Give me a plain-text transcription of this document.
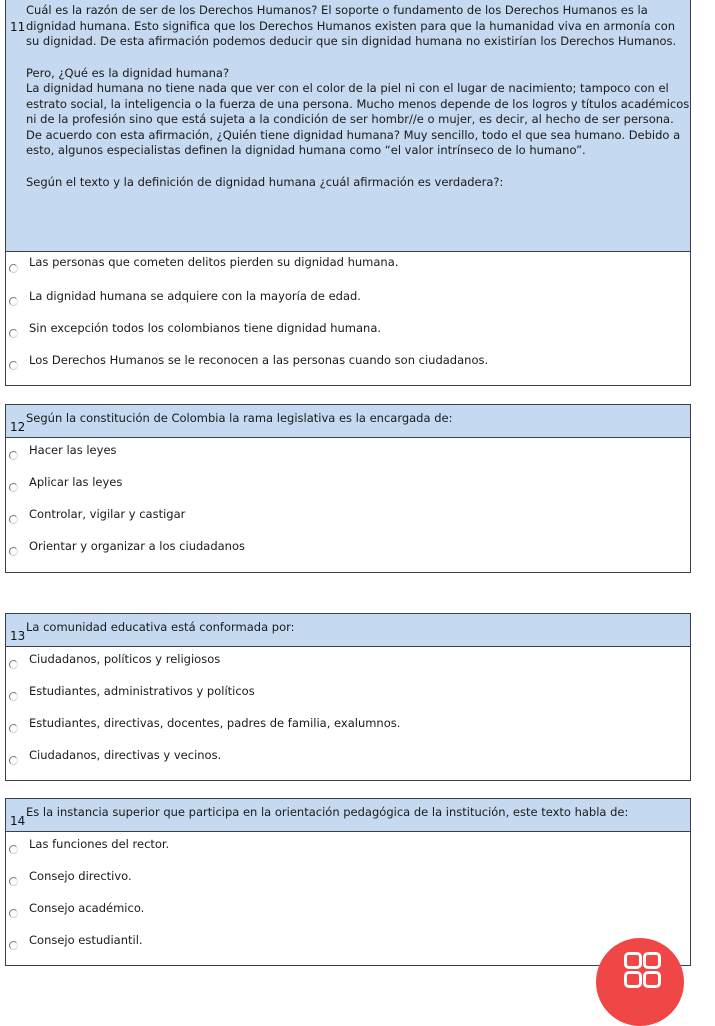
11

Cuál es la razón de ser de los Derechos Humanos? El soporte o fundamento de los Derechos Humanos es la dignidad humana. Esto significa que los Derechos Humanos existen para que la humanidad viva en armonía con su dignidad. De esta afirmación podemos deducir que sin dignidad humana no existirían los Derechos Humanos.

Pero, ¿Qué es la dignidad humana?

La dignidad humana no tiene nada que ver con el color de la piel ni con el lugar de nacimiento; tampoco con el estrato social, la inteligencia o la fuerza de una persona. Mucho menos depende de los logros y títulos académicos ni de la profesión sino que está sujeta a la condición de ser hombr//e o mujer, es decir, al hecho de ser persona. De acuerdo con esta afirmación, ¿Quién tiene dignidad humana? Muy sencillo, todo el que sea humano. Debido a esto, algunos especialistas definen la dignidad humana como “el valor intrínseco de lo humano”.

Según el texto y la definición de dignidad humana ¿cuál afirmación es verdadera?:

Las personas que cometen delitos pierden su dignidad humana.
La dignidad humana se adquiere con la mayoría de edad.
Sin excepción todos los colombianos tiene dignidad humana.
Los Derechos Humanos se le reconocen a las personas cuando son ciudadanos.
12
Según la constitución de Colombia la rama legislativa es la encargada de:
Hacer las leyes
Aplicar las leyes
Controlar, vigilar y castigar
Orientar y organizar a los ciudadanos
13
La comunidad educativa está conformada por:
Ciudadanos, políticos y religiosos
Estudiantes, administrativos y políticos
Estudiantes, directivas, docentes, padres de familia, exalumnos.
Ciudadanos, directivas y vecinos.
14
Es la instancia superior que participa en la orientación pedagógica de la institución, este texto habla de:
Las funciones del rector.
Consejo directivo.
Consejo académico.
Consejo estudiantil.
